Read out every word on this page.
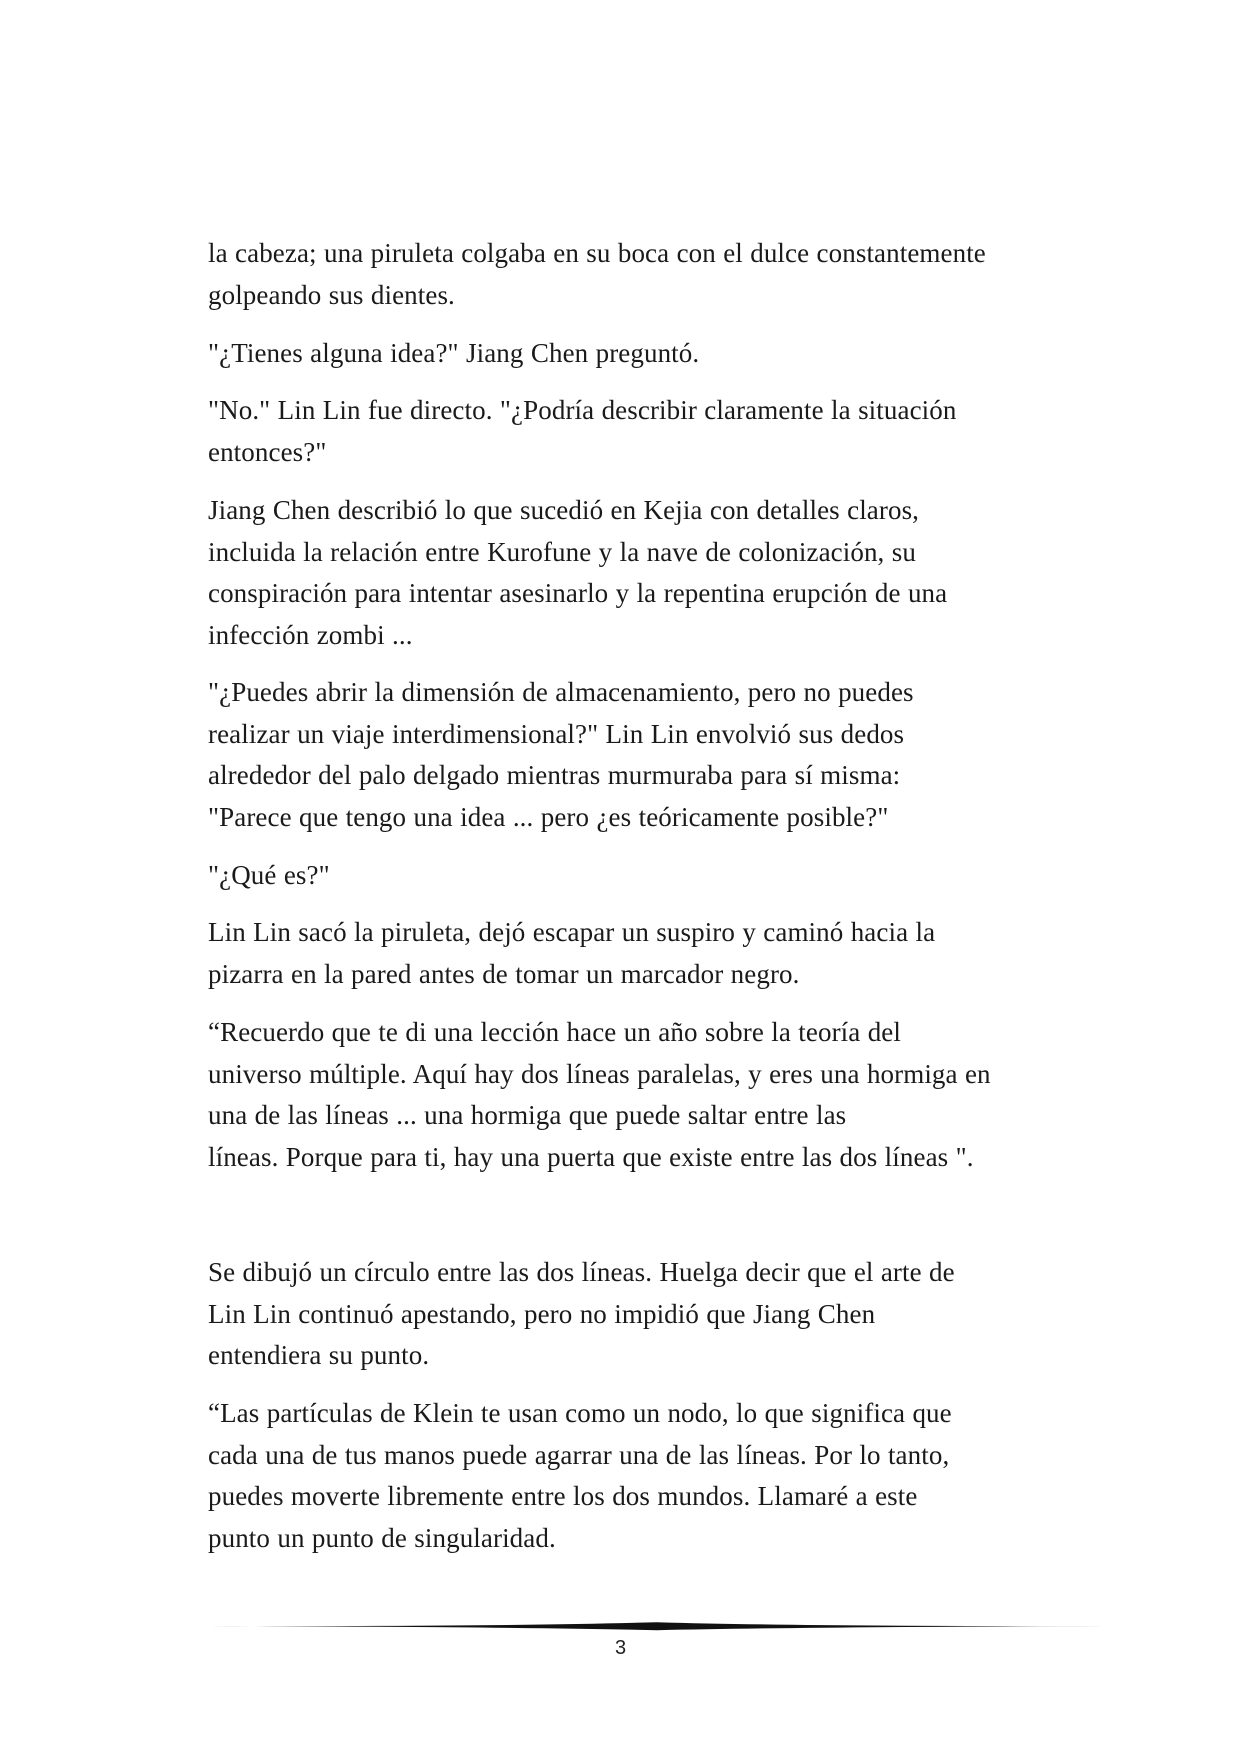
la cabeza; una piruleta colgaba en su boca con el dulce constantemente
golpeando sus dientes.
"¿Tienes alguna idea?" Jiang Chen preguntó.
"No." Lin Lin fue directo. "¿Podría describir claramente la situación
entonces?"
Jiang Chen describió lo que sucedió en Kejia con detalles claros,
incluida la relación entre Kurofune y la nave de colonización, su
conspiración para intentar asesinarlo y la repentina erupción de una
infección zombi ...
"¿Puedes abrir la dimensión de almacenamiento, pero no puedes
realizar un viaje interdimensional?" Lin Lin envolvió sus dedos
alrededor del palo delgado mientras murmuraba para sí misma:
"Parece que tengo una idea ... pero ¿es teóricamente posible?"
"¿Qué es?"
Lin Lin sacó la piruleta, dejó escapar un suspiro y caminó hacia la
pizarra en la pared antes de tomar un marcador negro.
“Recuerdo que te di una lección hace un año sobre la teoría del
universo múltiple. Aquí hay dos líneas paralelas, y eres una hormiga en
una de las líneas ... una hormiga que puede saltar entre las
líneas. Porque para ti, hay una puerta que existe entre las dos líneas ".
Se dibujó un círculo entre las dos líneas. Huelga decir que el arte de
Lin Lin continuó apestando, pero no impidió que Jiang Chen
entendiera su punto.
“Las partículas de Klein te usan como un nodo, lo que significa que
cada una de tus manos puede agarrar una de las líneas. Por lo tanto,
puedes moverte libremente entre los dos mundos. Llamaré a este
punto un punto de singularidad.
3
